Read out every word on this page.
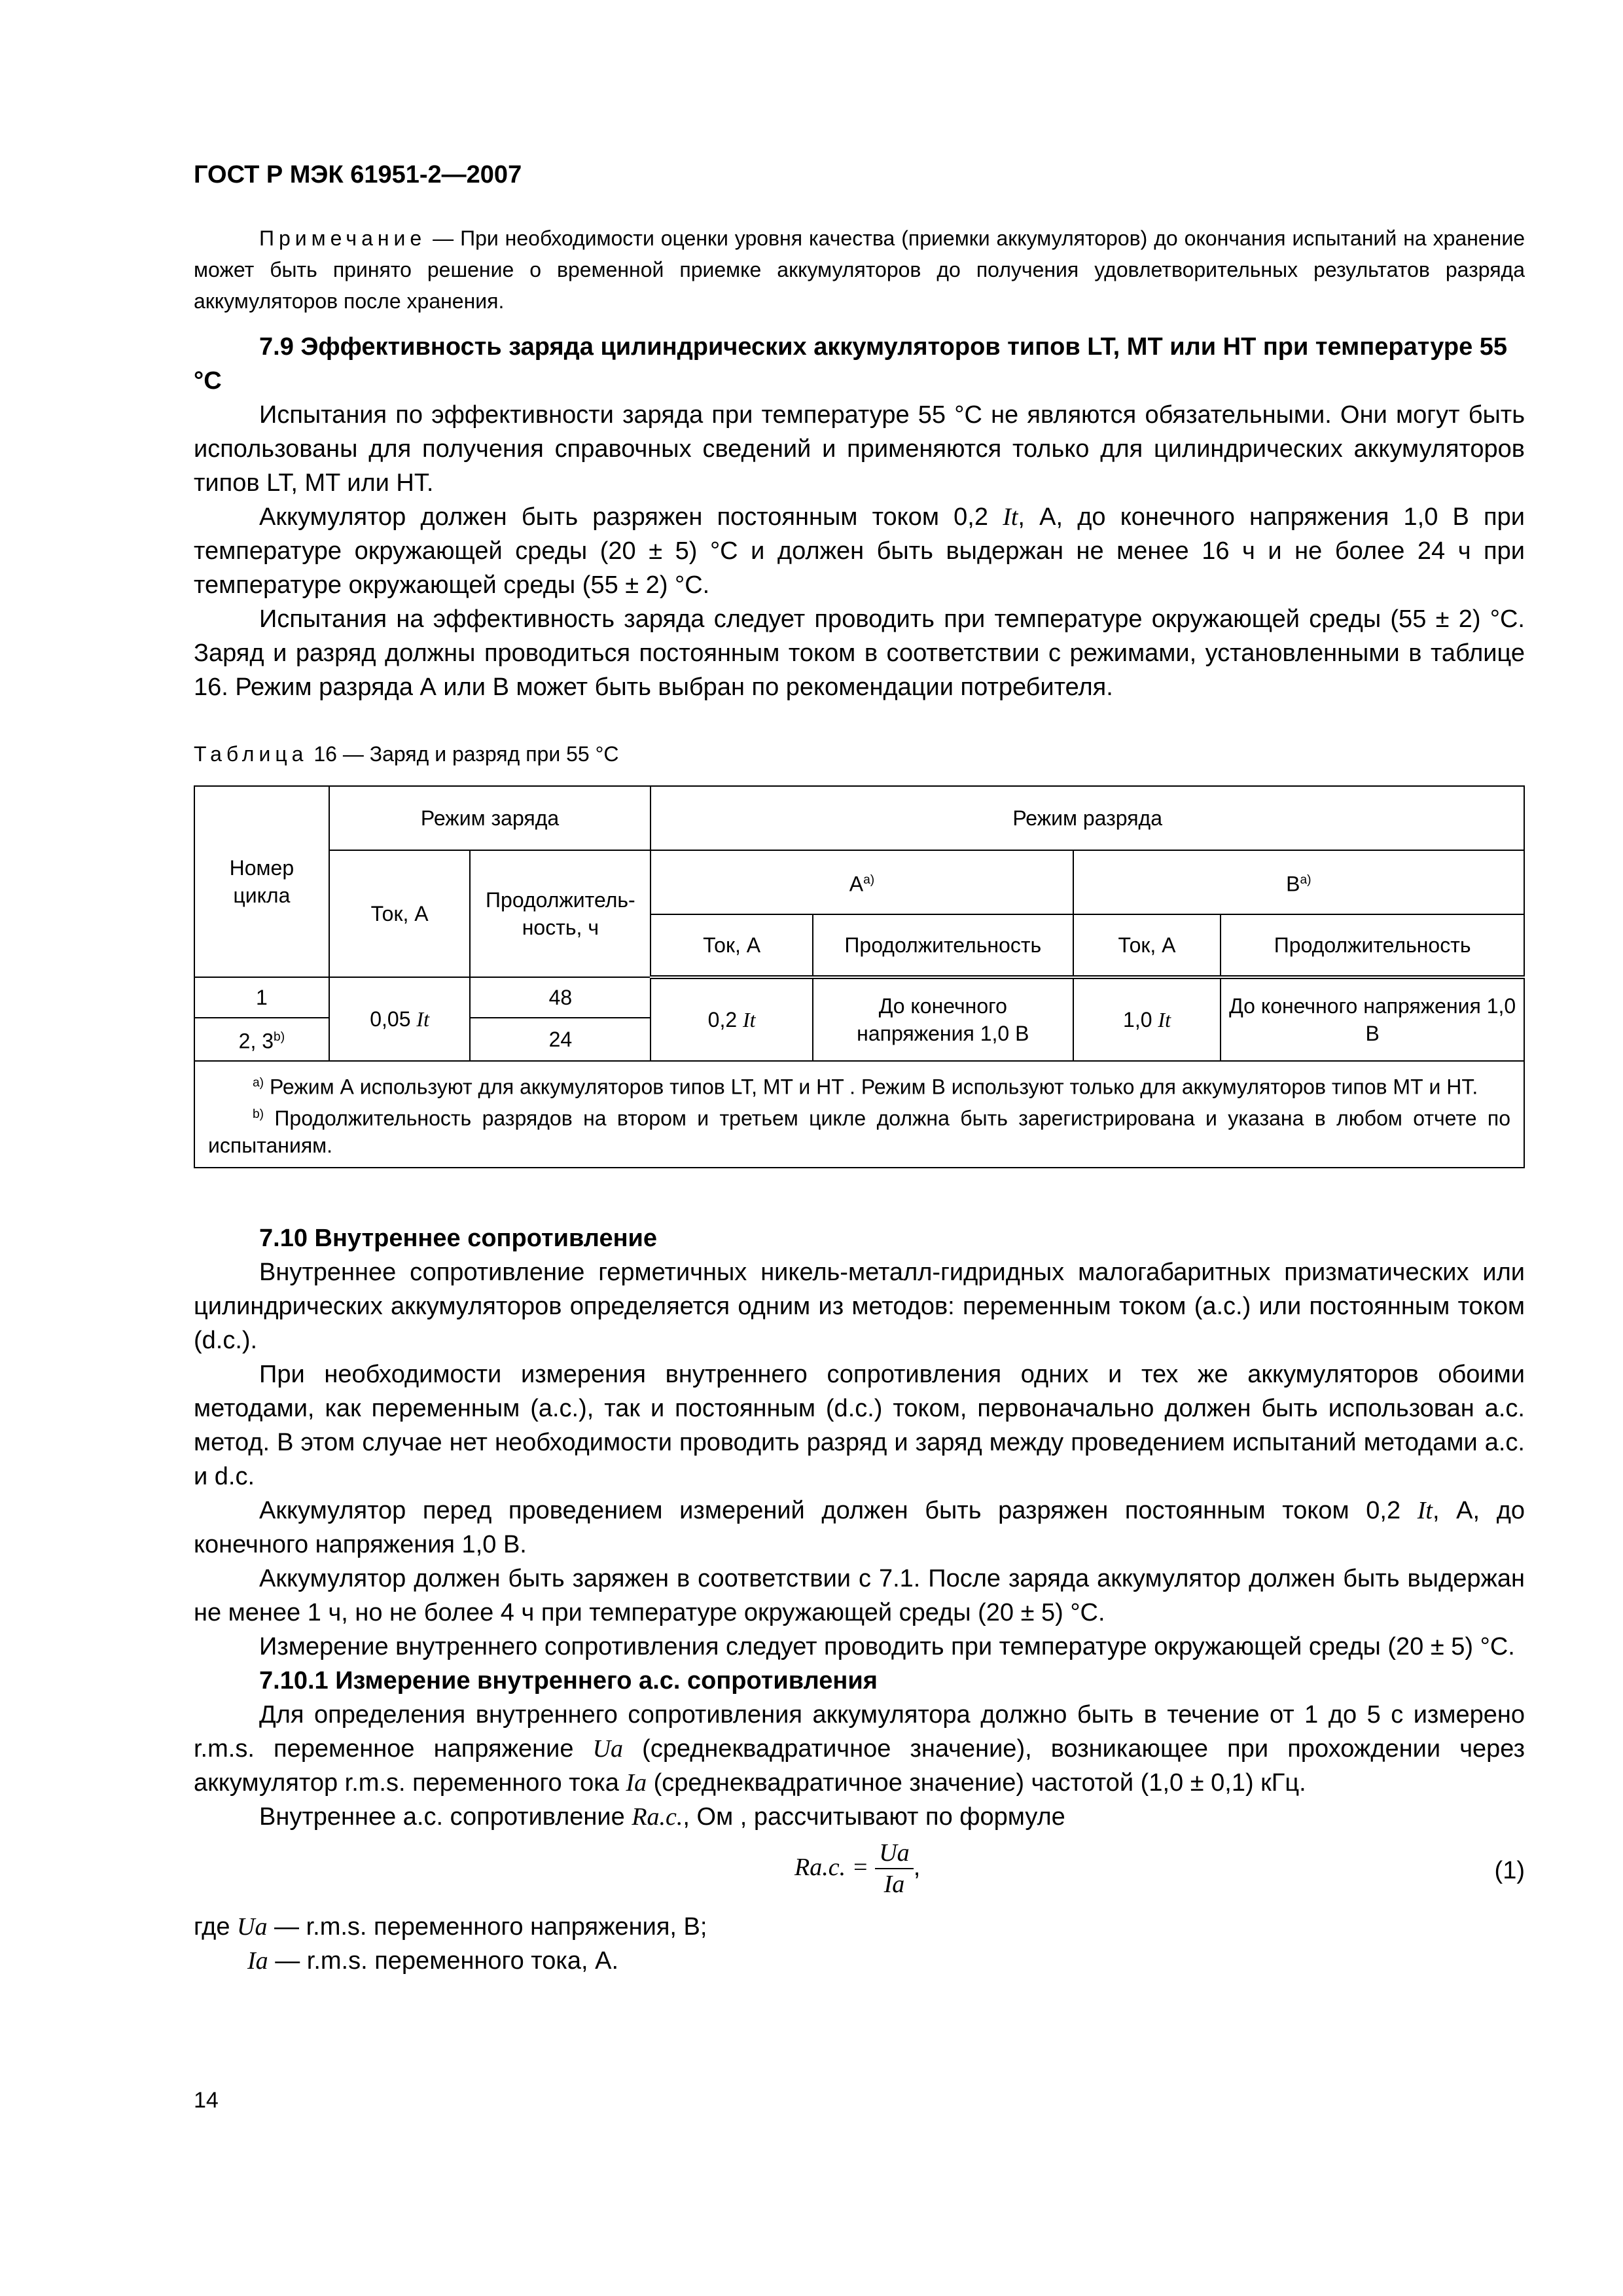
ГОСТ Р МЭК 61951-2—2007
Примечание — При необходимости оценки уровня качества (приемки аккумуляторов) до окончания испытаний на хранение может быть принято решение о временной приемке аккумуляторов до получения удовлетворительных результатов разряда аккумуляторов после хранения.

7.9 Эффективность заряда цилиндрических аккумуляторов типов LT, MT или HT при температуре 55 °С

Испытания по эффективности заряда при температуре 55 °С не являются обязательными. Они могут быть использованы для получения справочных сведений и применяются только для цилиндрических аккумуляторов типов LT, MT или HT.

Аккумулятор должен быть разряжен постоянным током 0,2 It, А, до конечного напряжения 1,0 В при температуре окружающей среды (20 ± 5) °С и должен быть выдержан не менее 16 ч и не более 24 ч при температуре окружающей среды (55 ± 2) °С.

Испытания на эффективность заряда следует проводить при температуре окружающей среды (55 ± 2) °С. Заряд и разряд должны проводиться постоянным током в соответствии с режимами, установленными в таблице 16. Режим разряда А или В может быть выбран по рекомендации потребителя.

Таблица 16 — Заряд и разряд при 55 °С
Номер цикла	Режим заряда		Режим разряда			
	Ток, А	Продолжитель-ность, ч	$А^{а)}$		$В^{а)}$
			Ток, А	Продолжительность	Ток, А	Продолжительность
1	0,05 It	48	0,2 It	До конечного напряжения 1,0 В	1,0 It	До конечного напряжения 1,0 В
2, 3$^{b)}$		24				

$^{а)}$ Режим А используют для аккумуляторов типов LT, MT и HT . Режим В используют только для аккумуляторов типов МТ и НТ.

$^{b)}$ Продолжительность разрядов на втором и третьем цикле должна быть зарегистрирована и указана в любом отчете по испытаниям.						

7.10 Внутреннее сопротивление

Внутреннее сопротивление герметичных никель-металл-гидридных малогабаритных призматических или цилиндрических аккумуляторов определяется одним из методов: переменным током (a.c.) или постоянным током (d.c.).

При необходимости измерения внутреннего сопротивления одних и тех же аккумуляторов обоими методами, как переменным (a.c.), так и постоянным (d.c.) током, первоначально должен быть использован a.c. метод. В этом случае нет необходимости проводить разряд и заряд между проведением испытаний методами a.c. и d.c.

Аккумулятор перед проведением измерений должен быть разряжен постоянным током 0,2 It, А, до конечного напряжения 1,0 В.

Аккумулятор должен быть заряжен в соответствии с 7.1. После заряда аккумулятор должен быть выдержан не менее 1 ч, но не более 4 ч при температуре окружающей среды (20 ± 5) °С.

Измерение внутреннего сопротивления следует проводить при температуре окружающей среды (20 ± 5) °С.

7.10.1 Измерение внутреннего a.c. сопротивления

Для определения внутреннего сопротивления аккумулятора должно быть в течение от 1 до 5 с измерено r.m.s. переменное напряжение Ua (среднеквадратичное значение), возникающее при прохождении через аккумулятор r.m.s. переменного тока Ia (среднеквадратичное значение) частотой (1,0 ± 0,1) кГц.

Внутреннее a.c. сопротивление Ra.c., Ом , рассчитывают по формуле

Ra.c. = $\frac{Ua}{Ia}$ ,	(1)

где Ua — r.m.s. переменного напряжения, В;

Ia — r.m.s. переменного тока, А.

14
